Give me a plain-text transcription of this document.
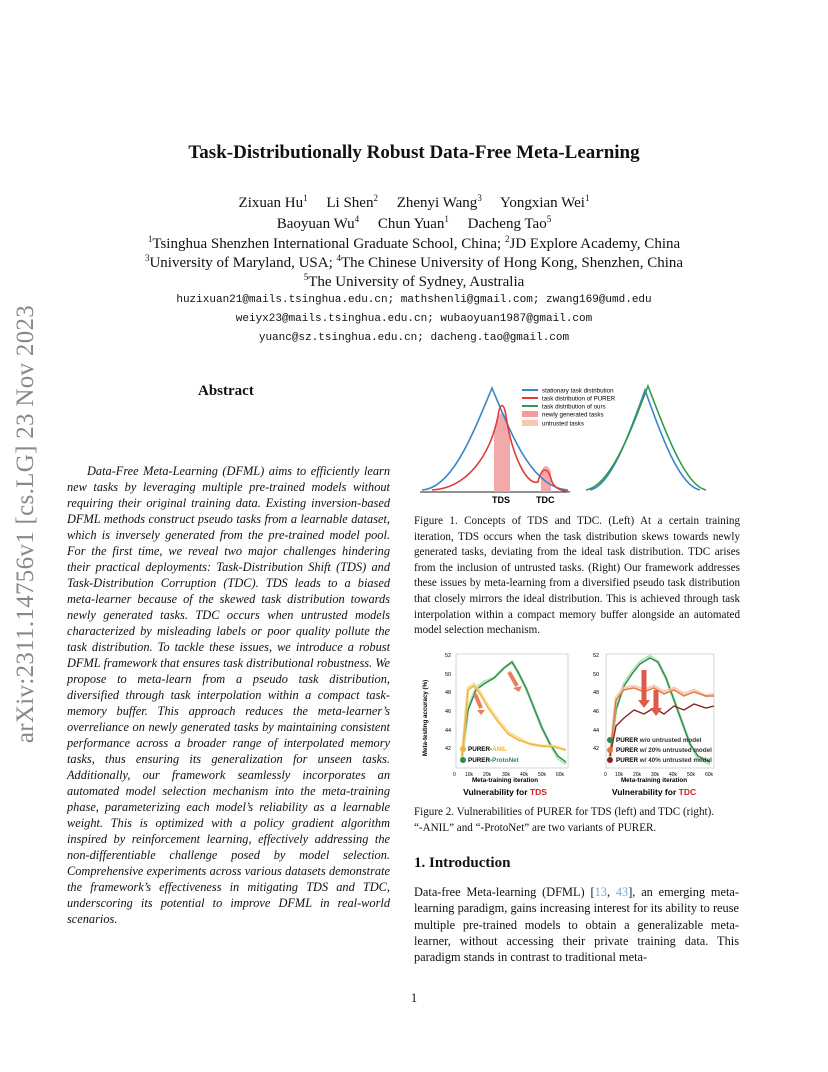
arXiv:2311.14756v1 [cs.LG] 23 Nov 2023
Task-Distributionally Robust Data-Free Meta-Learning
Zixuan Hu$^1$ Li Shen$^2$ Zhenyi Wang$^3$ Yongxian Wei$^1$
Baoyuan Wu$^4$ Chun Yuan$^1$ Dacheng Tao$^5$
$^1$Tsinghua Shenzhen International Graduate School, China; $^2$JD Explore Academy, China
$^3$University of Maryland, USA; $^4$The Chinese University of Hong Kong, Shenzhen, China
$^5$The University of Sydney, Australia
huzixuan21@mails.tsinghua.edu.cn; mathshenli@gmail.com; zwang169@umd.edu
weiyx23@mails.tsinghua.edu.cn; wubaoyuan1987@gmail.com
yuanc@sz.tsinghua.edu.cn; dacheng.tao@gmail.com
Abstract

Data-Free Meta-Learning (DFML) aims to efficiently learn new tasks by leveraging multiple pre-trained models without requiring their original training data. Existing inversion-based DFML methods construct pseudo tasks from a learnable dataset, which is inversely generated from the pre-trained model pool. For the first time, we reveal two major challenges hindering their practical deployments: Task-Distribution Shift (TDS) and Task-Distribution Corruption (TDC). TDS leads to a biased meta-learner because of the skewed task distribution towards newly generated tasks. TDC occurs when untrusted models characterized by misleading labels or poor quality pollute the task distribution. To tackle these issues, we introduce a robust DFML framework that ensures task distributional robustness. We propose to meta-learn from a pseudo task distribution, diversified through task interpolation within a compact task-memory buffer. This approach reduces the meta-learner’s overreliance on newly generated tasks by maintaining consistent performance across a broader range of interpolated memory tasks, thus ensuring its generalization for unseen tasks. Additionally, our framework seamlessly incorporates an automated model selection mechanism into the meta-training phase, parameterizing each model’s reliability as a learnable weight. This is optimized with a policy gradient algorithm inspired by reinforcement learning, effectively addressing the non-differentiable challenge posed by model selection. Comprehensive experiments across various datasets demonstrate the framework’s effectiveness in mitigating TDS and TDC, underscoring its potential to improve DFML in real-world scenarios.

stationary task distribution
task distribution of PURER
task distribution of ours
newly generated tasks
untrusted tasks
TDS	TDC

Figure 1. Concepts of TDS and TDC. (Left) At a certain training iteration, TDS occurs when the task distribution skews towards newly generated tasks, deviating from the ideal task distribution. TDC arises from the inclusion of untrusted tasks. (Right) Our framework addresses these issues by meta-learning from a diversified pseudo task distribution that closely mirrors the ideal distribution. This is achieved through task interpolation within a compact memory buffer alongside an automated model selection mechanism.

Meta-testing accuracy (%)
52
50
48
46
44
42	PURER-ANIL
PURER-ProtoNet
0 10k 20k 30k 40k 50k 60k
Meta-training iteration
Vulnerability for TDS
52
50
48
46
44
42
PURER w/o untrusted model
PURER w/ 20% untrusted model
PURER w/ 40% untrusted model
0 10k 20k 30k 40k 50k 60k
Meta-training iteration
Vulnerability for TDC

Figure 2. Vulnerabilities of PURER for TDS (left) and TDC (right).

“-ANIL” and “-ProtoNet” are two variants of PURER.

1. Introduction

Data-free Meta-learning (DFML) [13, 43], an emerging meta-learning paradigm, gains increasing interest for its ability to reuse multiple pre-trained models to obtain a generalizable meta-learner, without accessing their private training data. This paradigm stands in contrast to traditional meta-

1
